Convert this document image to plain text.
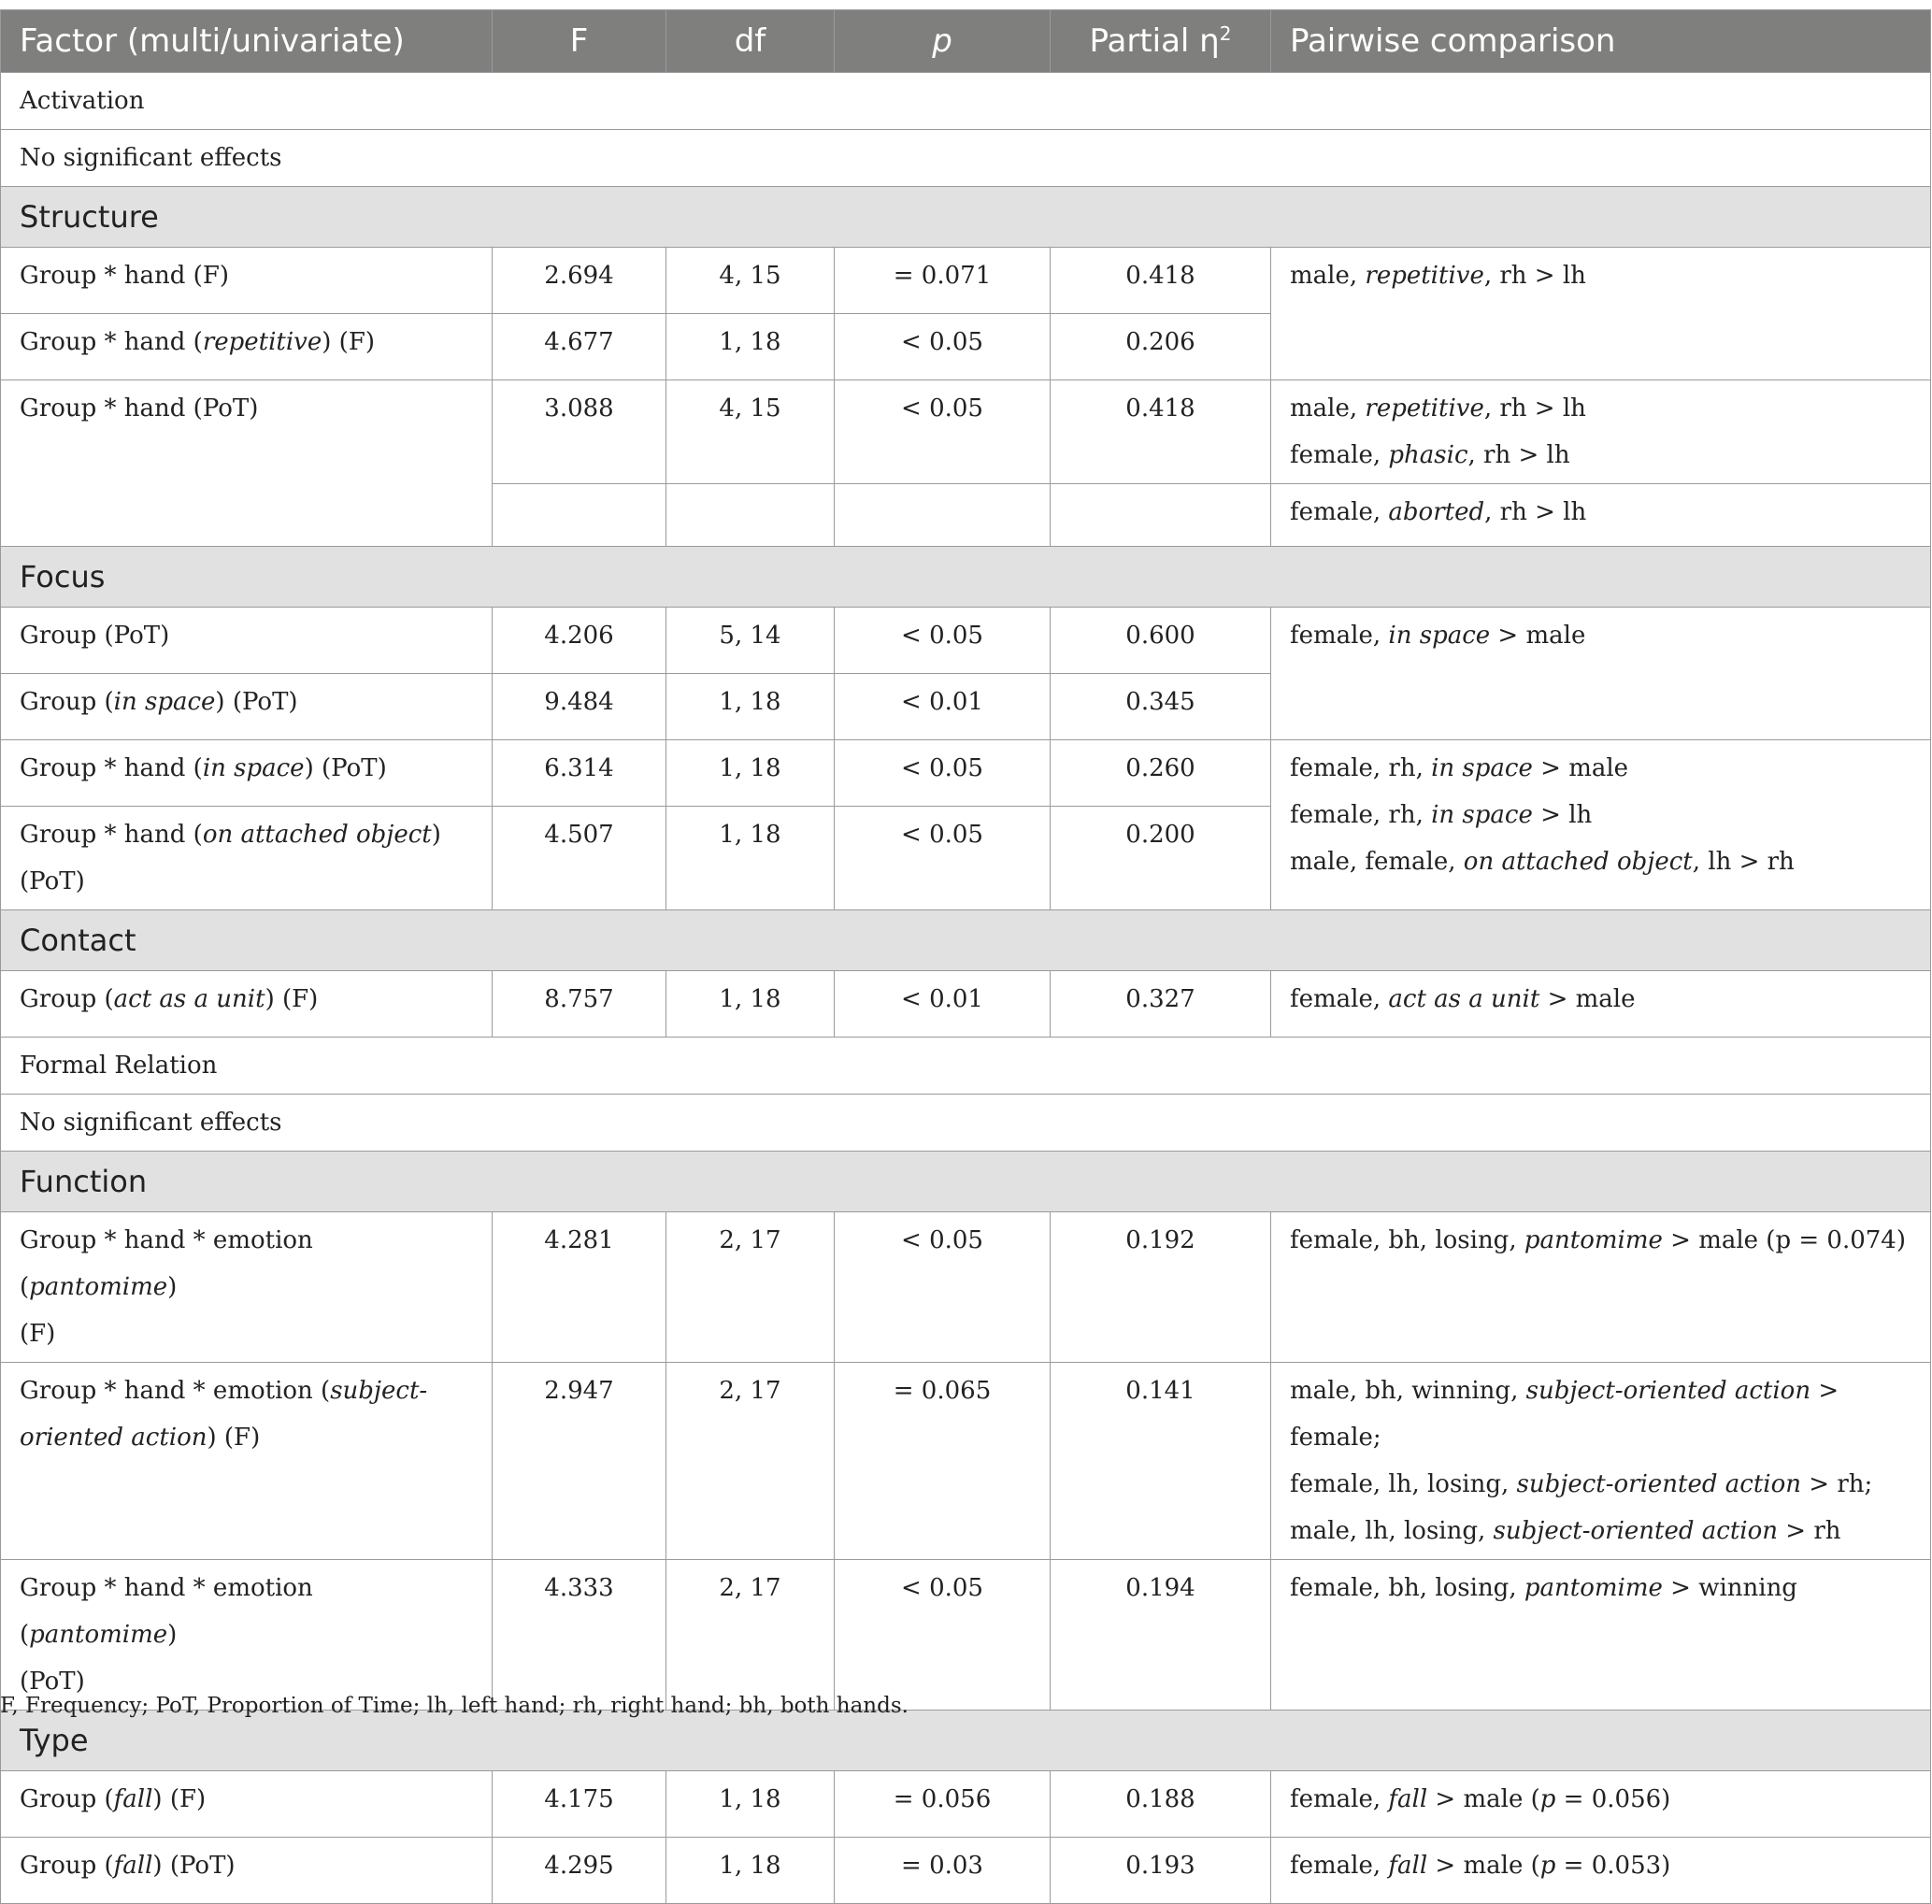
Factor (multi/univariate)	F	df	p	Partial $\eta^2$	Pairwise comparison
Activation					
No significant effects					
Structure					
Group * hand (F)	2.694	4, 15	= 0.071	0.418	male, repetitive, rh > lh
Group * hand (repetitive) (F)	4.677	1, 18	< 0.05	0.206	
Group * hand (PoT)	3.088	4, 15	< 0.05	0.418	male, repetitive, rh > lh
female, phasic, rh > lh

					female, aborted, rh > lh
Focus					
Group (PoT)	4.206	5, 14	< 0.05	0.600	female, in space > male
Group (in space) (PoT)	9.484	1, 18	< 0.01	0.345	
Group * hand (in space) (PoT)	6.314	1, 18	< 0.05	0.260	female, rh, in space > male
female, rh, in space > lh
male, female, on attached object, lh > rh

Group * hand (on attached object) (PoT)	4.507	1, 18	< 0.05	0.200	
Contact					
Group (act as a unit) (F)	8.757	1, 18	< 0.01	0.327	female, act as a unit > male
Formal Relation					
No significant effects					
Function					
Group * hand * emotion (pantomime)
(F)	4.281	2, 17	< 0.05	0.192	female, bh, losing, pantomime > male (p = 0.074)
Group * hand * emotion (subject-
oriented action) (F)	2.947	2, 17	= 0.065	0.141	male, bh, winning, subject-oriented action > female;
female, lh, losing, subject-oriented action > rh;
male, lh, losing, subject-oriented action > rh

Group * hand * emotion (pantomime)
(PoT)	4.333	2, 17	< 0.05	0.194	female, bh, losing, pantomime > winning
Type					
Group (fall) (F)	4.175	1, 18	= 0.056	0.188	female, fall > male (p = 0.056)
Group (fall) (PoT)	4.295	1, 18	= 0.03	0.193	female, fall > male (p = 0.053)
F, Frequency; PoT, Proportion of Time; lh, left hand; rh, right hand; bh, both hands.
